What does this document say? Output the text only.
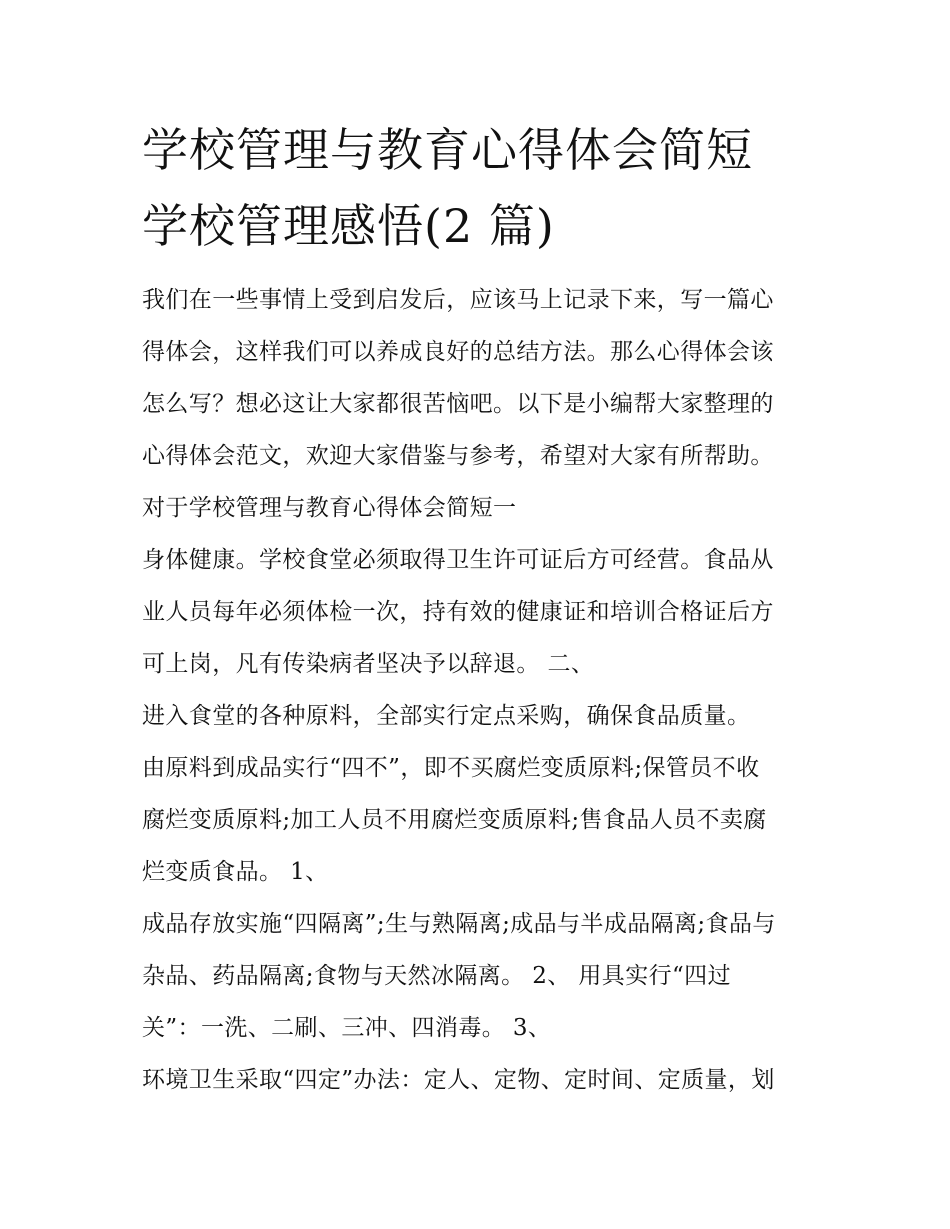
学校管理与教育心得体会简短
学校管理感悟(2 篇)
我们在一些事情上受到启发后，应该马上记录下来，写一篇心
得体会，这样我们可以养成良好的总结方法。那么心得体会该
怎么写？想必这让大家都很苦恼吧。以下是小编帮大家整理的
心得体会范文，欢迎大家借鉴与参考，希望对大家有所帮助。
对于学校管理与教育心得体会简短一
身体健康。学校食堂必须取得卫生许可证后方可经营。食品从
业人员每年必须体检一次，持有效的健康证和培训合格证后方
可上岗，凡有传染病者坚决予以辞退。 二、
进入食堂的各种原料，全部实行定点采购，确保食品质量。
由原料到成品实行“四不”，即不买腐烂变质原料;保管员不收
腐烂变质原料;加工人员不用腐烂变质原料;售食品人员不卖腐
烂变质食品。 1、
成品存放实施“四隔离”;生与熟隔离;成品与半成品隔离;食品与
杂品、药品隔离;食物与天然冰隔离。 2、 用具实行“四过
关”：一洗、二刷、三冲、四消毒。 3、
环境卫生采取“四定”办法：定人、定物、定时间、定质量，划
